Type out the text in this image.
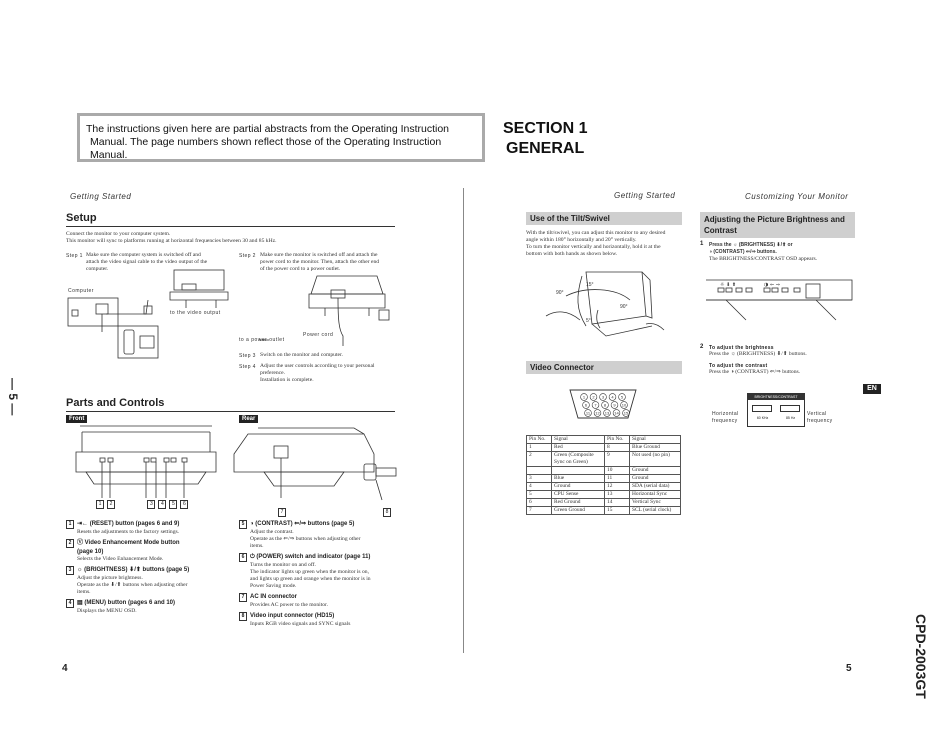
The instructions given here are partial abstracts from the Operating Instruction
Manual. The page numbers shown reflect those of the Operating Instruction Manual.
SECTION 1
GENERAL
Getting Started
Setup
Connect the monitor to your computer system.
This monitor will sync to platforms running at horizontal frequencies between 30 and 85 kHz.
Step 1 Make sure the computer system is switched off and
attach the video signal cable to the video output of the
computer.
Step 2 Make sure the monitor is switched off and attach the
power cord to the monitor. Then, attach the other end
of the power cord to a power outlet.
Computer
to the video output
Power cord
to a power outlet
Step 3 Switch on the monitor and computer.
Step 4 Adjust the user controls according to your personal
preference.
Installation is complete.
— 5 —	Parts and Controls
Front	Rear
1 2	3 4 5 6
7	8
1 ⇥← (RESET) button (pages 6 and 9)
Resets the adjustments to the factory settings.
2 Ⓥ Video Enhancement Mode button
(page 10)
Selects the Video Enhancement Mode.
3 ☼ (BRIGHTNESS) ⬇/⬆ buttons (page 5)
Adjust the picture brightness.
Operate as the ⬇/⬆ buttons when adjusting other
items.
4 ▤ (MENU) button (pages 6 and 10)
Displays the MENU OSD.
5 ◑ (CONTRAST) ⇐/⇒ buttons (page 5)
Adjust the contrast.
Operate as the ⇐/⇒ buttons when adjusting other
items.
6 ⏻ (POWER) switch and indicator (page 11)
Turns the monitor on and off.
The indicator lights up green when the monitor is on,
and lights up green and orange when the monitor is in
Power Saving mode.
7 AC IN connector
Provides AC power to the monitor.
8 Video input connector (HD15)
Inputs RGB video signals and SYNC signals
4
Getting Started	Customizing Your Monitor
Use of the Tilt/Swivel
With the tilt/swivel, you can adjust this monitor to any desired
angle within 180° horizontally and 20° vertically.
To turn the monitor vertically and horizontally, hold it at the
bottom with both hands as shown below.
15°
90°
90°
5°
Video Connector
1 2 3 4 5
6 7 8 9 10
11 12 13 14 15
Pin No.	Signal	Pin No.	Signal
1	Red	8	Blue Ground
2	Green (Composite Sync on Green)	9	Not used (no pin)
		10	Ground
3	Blue	11	Ground
4	Ground	12	SDA (serial data)
5	CPU Sense	13	Horizontal Sync
6	Red Ground	14	Vertical Sync
7	Green Ground	15	SCL (serial clock)
Adjusting the Picture Brightness and
Contrast
1 Press the ☼ (BRIGHTNESS) ⬇/⬆ or
◑ (CONTRAST) ⇐/⇒ buttons.
The BRIGHTNESS/CONTRAST OSD appears.
☼ ⬇ ⬆	◑ ⇐ ⇒
2 To adjust the brightness
Press the ☼ (BRIGHTNESS) ⬇/⬆ buttons.
To adjust the contrast
Press the ◑ (CONTRAST) ⇐/⇒ buttons.
BRIGHTNESS/CONTRAST
60 KHz	85 Hz
Horizontal frequency
Vertical frequency
EN
5	CPD-2003GT
